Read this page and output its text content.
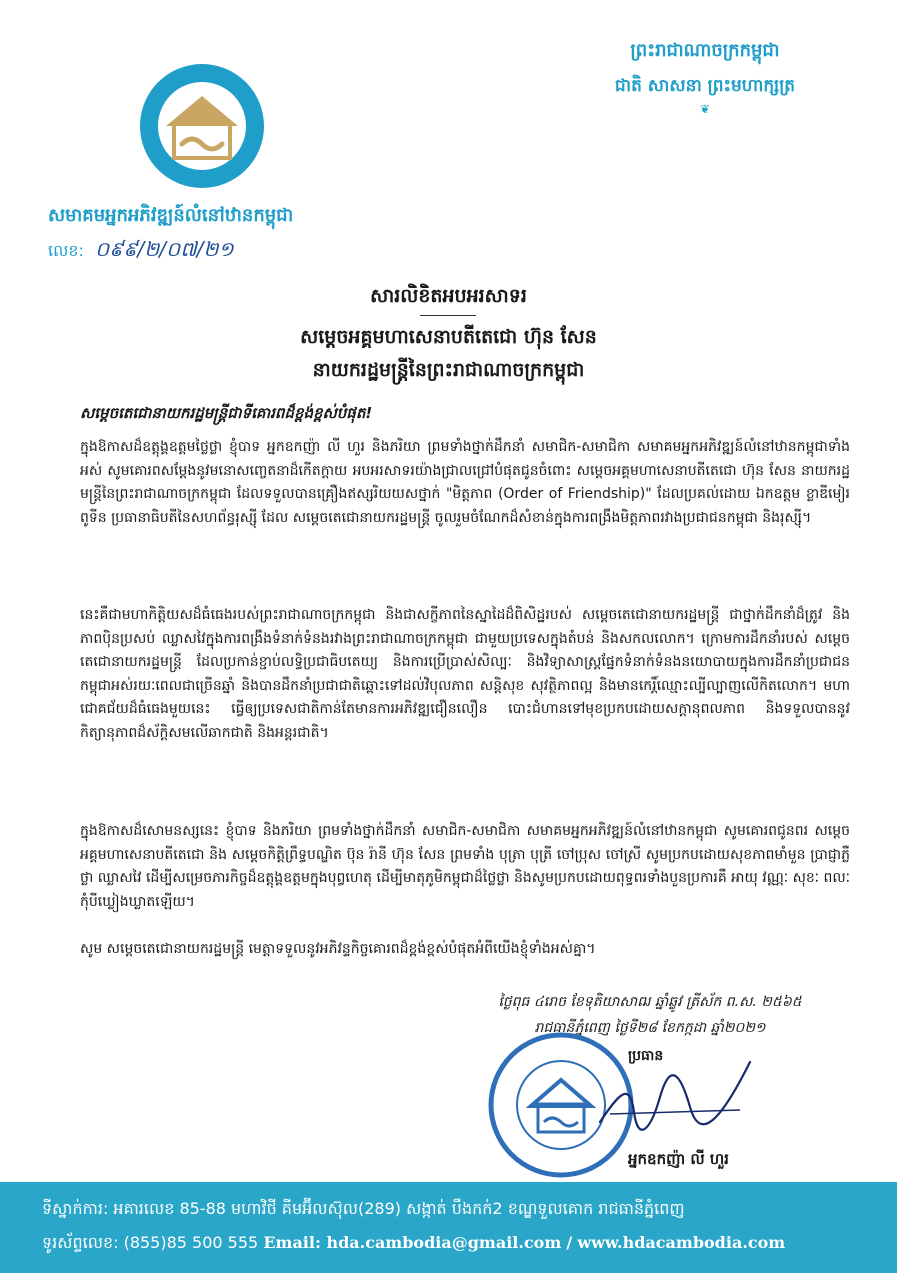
សមាគមអ្នកអភិវឌ្ឍន៍លំនៅឋានកម្ពុជា
លេខ: ០៩៩/២/០៧/២១
ព្រះរាជាណាចក្រកម្ពុជា
ជាតិ សាសនា ព្រះមហាក្សត្រ
❦
សារលិខិតអបអរសាទរ
សម្តេចអគ្គមហាសេនាបតីតេជោ ហ៊ុន សែន
នាយករដ្ឋមន្ត្រីនៃព្រះរាជាណាចក្រកម្ពុជា
សម្តេចតេជោនាយករដ្ឋមន្ត្រីជាទីគោរពដ៏ខ្ពង់ខ្ពស់បំផុត!
ក្នុងឱកាសដ៏ឧត្តុង្គឧត្តមថ្លៃថ្លា ខ្ញុំបាទ អ្នកឧកញ៉ា លី ហួរ និងភរិយា ព្រមទាំងថ្នាក់ដឹកនាំ សមាជិក-សមាជិកា សមាគមអ្នកអភិវឌ្ឍន៍លំនៅឋានកម្ពុជាទាំងអស់ សូមគោរពសម្តែងនូវមនោសញ្ចេតនាដ៏កើតក្តាយ អបអរសាទរយ៉ាងជ្រាលជ្រៅបំផុតជូនចំពោះ សម្តេចអគ្គមហាសេនាបតីតេជោ ហ៊ុន សែន នាយករដ្ឋមន្ត្រីនៃព្រះរាជាណាចក្រកម្ពុជា ដែលទទួលបានគ្រឿងឥស្សរិយយសថ្នាក់ "មិត្តភាព (Order of Friendship)" ដែលប្រគល់ដោយ ឯកឧត្តម ខ្លាឌីមៀរ ពូទីន ប្រធានាធិបតីនៃសហព័ន្ធរុស្ស៊ី ដែល សម្តេចតេជោនាយករដ្ឋមន្ត្រី ចូលរួមចំណែកដ៏សំខាន់ក្នុងការពង្រឹងមិត្តភាពរវាងប្រជាជនកម្ពុជា និងរុស្ស៊ី។
នេះគឺជាមហាកិត្តិយសដ៏ធំធេងរបស់ព្រះរាជាណាចក្រកម្ពុជា និងជាសក្ខីភាពនៃស្នាដៃដ៏ពិសិដ្ឋរបស់ សម្តេចតេជោនាយករដ្ឋមន្ត្រី ជាថ្នាក់ដឹកនាំដ៏ត្រូវ និងភាពប៉ិនប្រសប់ ឈ្លាសវៃក្នុងការពង្រឹងទំនាក់ទំនងរវាងព្រះរាជាណាចក្រកម្ពុជា ជាមួយប្រទេសក្នុងតំបន់ និងសកលលោក។ ក្រោមការដឹកនាំរបស់ សម្តេចតេជោនាយករដ្ឋមន្ត្រី ដែលប្រកាន់ខ្ជាប់លទ្ធិប្រជាធិបតេយ្យ និងការប្រើប្រាស់សិល្បៈ និងវិទ្យាសាស្ត្រផ្នែកទំនាក់ទំនងនយោបាយក្នុងការដឹកនាំប្រជាជនកម្ពុជាអស់រយៈពេលជាច្រើនឆ្នាំ និងបានដឹកនាំប្រជាជាតិឆ្ពោះទៅដល់វិបុលភាព សន្តិសុខ សុវត្ថិភាពល្អ និងមានកេរ្តិ៍ឈ្មោះល្បីល្បាញលើកិតលោក។ មហាជោគជ័យដ៏ធំធេងមួយនេះ ធ្វើឲ្យប្រទេសជាតិកាន់តែមានការអភិវឌ្ឍជឿនលឿន បោះជំហានទៅមុខប្រកបដោយសក្តានុពលភាព និងទទួលបាននូវកិត្យានុភាពដ៏ស័ក្តិសមលើឆាកជាតិ និងអន្តរជាតិ។
ក្នុងឱកាសដ៏សោមនស្សនេះ ខ្ញុំបាទ និងភរិយា ព្រមទាំងថ្នាក់ដឹកនាំ សមាជិក-សមាជិកា សមាគមអ្នកអភិវឌ្ឍន៍លំនៅឋានកម្ពុជា សូមគោរពជូនពរ សម្តេចអគ្គមហាសេនាបតីតេជោ និង សម្តេចកិត្តិព្រឹទ្ធបណ្ឌិត ប៊ុន រ៉ានី ហ៊ុន សែន ព្រមទាំង បុត្រា បុត្រី ចៅប្រុស ចៅស្រី សូមប្រកបដោយសុខភាពមាំមួន ប្រាជ្ញាភ្លឺថ្លា ឈ្លាសវៃ ដើម្បីសម្រេចភារកិច្ចដ៏ឧត្តុង្គឧត្តមក្នុងបុព្វហេតុ ដើម្បីមាតុភូមិកម្ពុជាដ៏ថ្លៃថ្លា និងសូមប្រកបដោយពុទ្ធពរទាំងបួនប្រការគឺ អាយុ វណ្ណៈ សុខៈ ពលៈ កុំបីឃ្លៀងឃ្លាតឡើយ។
សូម សម្តេចតេជោនាយករដ្ឋមន្ត្រី មេត្តាទទួលនូវអភិវន្ទកិច្ចគោរពដ៏ខ្ពង់ខ្ពស់បំផុតអំពីយើងខ្ញុំទាំងអស់គ្នា។
ថ្ងៃពុធ ៤រោច ខែទុតិយាសាឍ ឆ្នាំឆ្លូវ ត្រីស័ក ព.ស. ២៥៦៥
រាជធានីភ្នំពេញ ថ្ងៃទី២៨ ខែកក្កដា ឆ្នាំ២០២១
ប្រធាន
អ្នកឧកញ៉ា លី ហួរ
ទីស្នាក់ការ: អគារលេខ 85-88 មហាវិថី គីមអ៊ីលស៊ុល(289) សង្កាត់ បឹងកក់2 ខណ្ឌទួលគោក រាជធានីភ្នំពេញ
ទូរស័ព្ទលេខ: (855)85 500 555 Email: hda.cambodia@gmail.com / www.hdacambodia.com
